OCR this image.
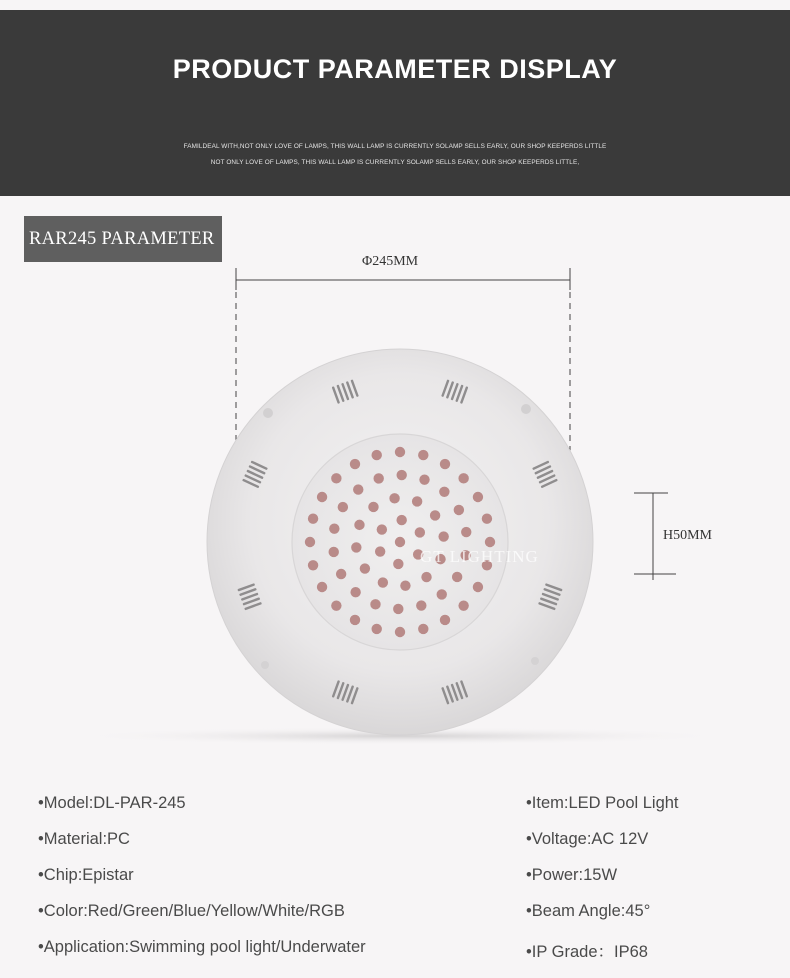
PRODUCT PARAMETER DISPLAY
FAMILDEAL WITH,NOT ONLY LOVE OF LAMPS, THIS WALL LAMP IS CURRENTLY SOLAMP SELLS EARLY, OUR SHOP KEEPERDS LITTLE
NOT ONLY LOVE OF LAMPS, THIS WALL LAMP IS CURRENTLY SOLAMP SELLS EARLY, OUR SHOP KEEPERDS LITTLE,
RAR245 PARAMETER
GT LIGHTING
Φ245MM
H50MM
•Model:DL-PAR-245
•Material:PC
•Chip:Epistar
•Color:Red/Green/Blue/Yellow/White/RGB
•Application:Swimming pool light/Underwater
•Item:LED Pool Light
•Voltage:AC 12V
•Power:15W
•Beam Angle:45°
•IP Grade：IP68
